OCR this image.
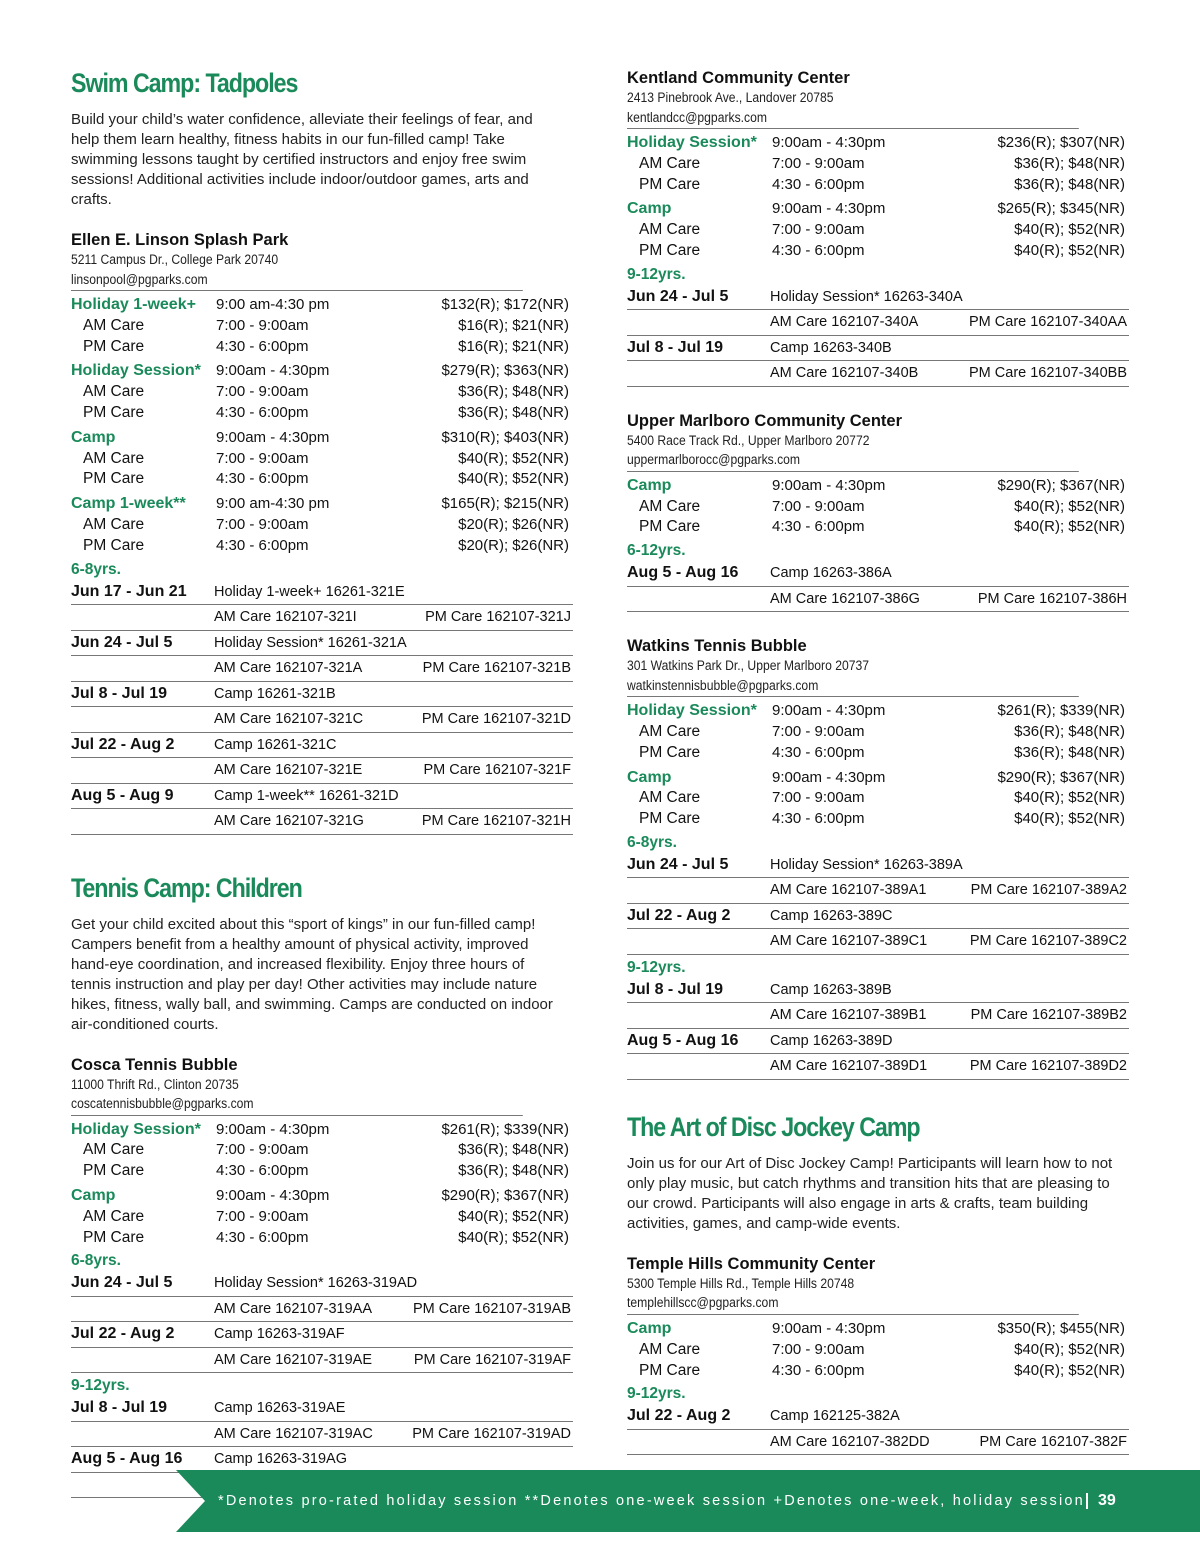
Swim Camp: Tadpoles

Build your child’s water confidence, alleviate their feelings of fear, and help them learn healthy, fitness habits in our fun-filled camp! Take swimming lessons taught by certified instructors and enjoy free swim sessions! Additional activities include indoor/outdoor games, arts and crafts.

Ellen E. Linson Splash Park
5211 Campus Dr., College Park 20740
linsonpool@pgparks.com
Holiday 1-week+	9:00 am-4:30 pm	$132(R); $172(NR)
AM Care	7:00 - 9:00am	$16(R); $21(NR)
PM Care	4:30 - 6:00pm	$16(R); $21(NR)
Holiday Session*	9:00am - 4:30pm	$279(R); $363(NR)
AM Care	7:00 - 9:00am	$36(R); $48(NR)
PM Care	4:30 - 6:00pm	$36(R); $48(NR)
Camp	9:00am - 4:30pm	$310(R); $403(NR)
AM Care	7:00 - 9:00am	$40(R); $52(NR)
PM Care	4:30 - 6:00pm	$40(R); $52(NR)
Camp 1-week**	9:00 am-4:30 pm	$165(R); $215(NR)
AM Care	7:00 - 9:00am	$20(R); $26(NR)
PM Care	4:30 - 6:00pm	$20(R); $26(NR)
6-8yrs.
Jun 17 - Jun 21	Holiday 1-week+ 16261-321E
AM Care 162107-321I	PM Care 162107-321J
Jun 24 - Jul 5	Holiday Session* 16261-321A
AM Care 162107-321A	PM Care 162107-321B
Jul 8 - Jul 19	Camp 16261-321B
AM Care 162107-321C	PM Care 162107-321D
Jul 22 - Aug 2	Camp 16261-321C
AM Care 162107-321E	PM Care 162107-321F
Aug 5 - Aug 9	Camp 1-week** 16261-321D
AM Care 162107-321G	PM Care 162107-321H
Tennis Camp: Children

Get your child excited about this “sport of kings” in our fun-filled camp! Campers benefit from a healthy amount of physical activity, improved hand-eye coordination, and increased flexibility. Enjoy three hours of tennis instruction and play per day! Other activities may include nature hikes, fitness, wally ball, and swimming. Camps are conducted on indoor air-conditioned courts.

Cosca Tennis Bubble
11000 Thrift Rd., Clinton 20735
coscatennisbubble@pgparks.com
Holiday Session*	9:00am - 4:30pm	$261(R); $339(NR)
AM Care	7:00 - 9:00am	$36(R); $48(NR)
PM Care	4:30 - 6:00pm	$36(R); $48(NR)
Camp	9:00am - 4:30pm	$290(R); $367(NR)
AM Care	7:00 - 9:00am	$40(R); $52(NR)
PM Care	4:30 - 6:00pm	$40(R); $52(NR)
6-8yrs.
Jun 24 - Jul 5	Holiday Session* 16263-319AD
AM Care 162107-319AA	PM Care 162107-319AB
Jul 22 - Aug 2	Camp 16263-319AF
AM Care 162107-319AE	PM Care 162107-319AF
9-12yrs.
Jul 8 - Jul 19	Camp 16263-319AE
AM Care 162107-319AC	PM Care 162107-319AD
Aug 5 - Aug 16	Camp 16263-319AG
Kentland Community Center
2413 Pinebrook Ave., Landover 20785
kentlandcc@pgparks.com
Holiday Session*	9:00am - 4:30pm	$236(R); $307(NR)
AM Care	7:00 - 9:00am	$36(R); $48(NR)
PM Care	4:30 - 6:00pm	$36(R); $48(NR)
Camp	9:00am - 4:30pm	$265(R); $345(NR)
AM Care	7:00 - 9:00am	$40(R); $52(NR)
PM Care	4:30 - 6:00pm	$40(R); $52(NR)
9-12yrs.
Jun 24 - Jul 5	Holiday Session* 16263-340A
AM Care 162107-340A	PM Care 162107-340AA
Jul 8 - Jul 19	Camp 16263-340B
AM Care 162107-340B	PM Care 162107-340BB
Upper Marlboro Community Center
5400 Race Track Rd., Upper Marlboro 20772
uppermarlborocc@pgparks.com
Camp	9:00am - 4:30pm	$290(R); $367(NR)
AM Care	7:00 - 9:00am	$40(R); $52(NR)
PM Care	4:30 - 6:00pm	$40(R); $52(NR)
6-12yrs.
Aug 5 - Aug 16	Camp 16263-386A
AM Care 162107-386G	PM Care 162107-386H
Watkins Tennis Bubble
301 Watkins Park Dr., Upper Marlboro 20737
watkinstennisbubble@pgparks.com
Holiday Session*	9:00am - 4:30pm	$261(R); $339(NR)
AM Care	7:00 - 9:00am	$36(R); $48(NR)
PM Care	4:30 - 6:00pm	$36(R); $48(NR)
Camp	9:00am - 4:30pm	$290(R); $367(NR)
AM Care	7:00 - 9:00am	$40(R); $52(NR)
PM Care	4:30 - 6:00pm	$40(R); $52(NR)
6-8yrs.
Jun 24 - Jul 5	Holiday Session* 16263-389A
AM Care 162107-389A1	PM Care 162107-389A2
Jul 22 - Aug 2	Camp 16263-389C
AM Care 162107-389C1	PM Care 162107-389C2
9-12yrs.
Jul 8 - Jul 19	Camp 16263-389B
AM Care 162107-389B1	PM Care 162107-389B2
Aug 5 - Aug 16	Camp 16263-389D
AM Care 162107-389D1	PM Care 162107-389D2
The Art of Disc Jockey Camp

Join us for our Art of Disc Jockey Camp! Participants will learn how to not only play music, but catch rhythms and transition hits that are pleasing to our crowd. Participants will also engage in arts & crafts, team building activities, games, and camp-wide events.

Temple Hills Community Center
5300 Temple Hills Rd., Temple Hills 20748
templehillscc@pgparks.com
Camp	9:00am - 4:30pm	$350(R); $455(NR)
AM Care	7:00 - 9:00am	$40(R); $52(NR)
PM Care	4:30 - 6:00pm	$40(R); $52(NR)
9-12yrs.
Jul 22 - Aug 2	Camp 162125-382A
AM Care 162107-382DD	PM Care 162107-382F
*Denotes pro-rated holiday session **Denotes one-week session +Denotes one-week, holiday session 39
